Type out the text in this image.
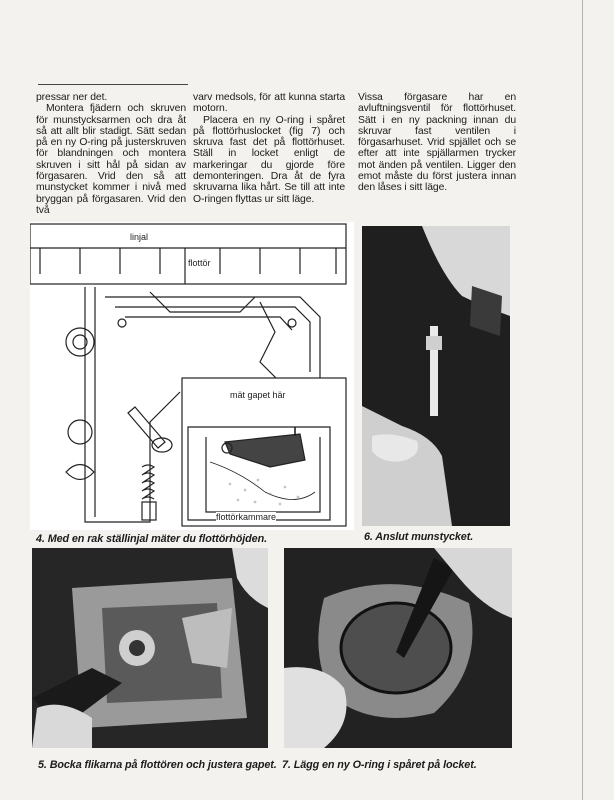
pressar ner det.

Montera fjädern och skruven för munstycksarmen och dra åt så att allt blir stadigt. Sätt sedan på en ny O-ring på justerskruven för blandningen och montera skruven i sitt hål på sidan av förgasaren. Vrid den så att munstycket kommer i nivå med bryggan på förgasaren. Vrid den två

varv medsols, för att kunna starta motorn.

Placera en ny O-ring i spåret på flottörhuslocket (fig 7) och skruva fast det på flottörhuset. Ställ in locket enligt de markeringar du gjorde före demonteringen. Dra åt de fyra skruvarna lika hårt. Se till att inte O-ringen flyttas ur sitt läge.

Vissa förgasare har en avluftningsventil för flottörhuset. Sätt i en ny packning innan du skruvar fast ventilen i förgasarhuset. Vrid spjället och se efter att inte spjällarmen trycker mot änden på ventilen. Ligger den emot måste du först justera innan den låses i sitt läge.

linjal
flottör
mät gapet här
flottörkammare
4. Med en rak ställinjal mäter du flottörhöjden.	6. Anslut munstycket.
5. Bocka flikarna på flottören och justera gapet. 7. Lägg en ny O-ring i spåret på locket.
